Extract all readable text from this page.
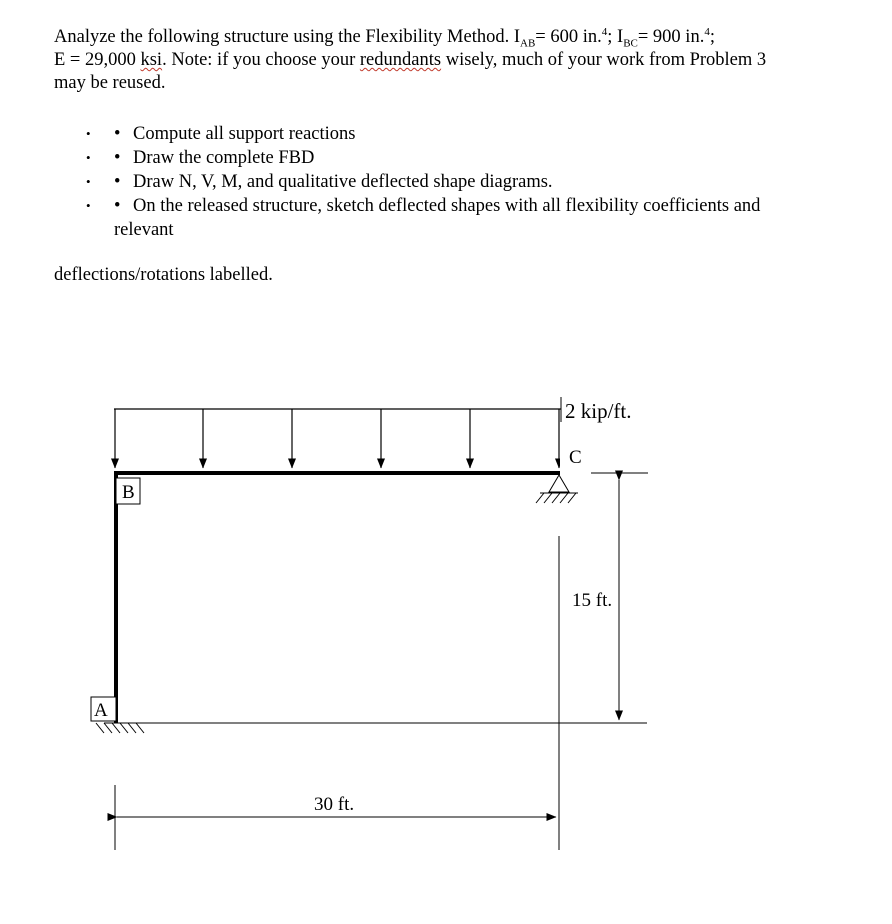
Analyze the following structure using the Flexibility Method. $I_{AB}= 600$ in.$^4$; $I_{BC}= 900$ in.$^4$;
E = 29,000 ksi. Note: if you choose your redundants wisely, much of your work from Problem 3
may be reused.

• • Compute all support reactions
• • Draw the complete FBD
• • Draw N, V, M, and qualitative deflected shape diagrams.
• • On the released structure, sketch deflected shapes with all flexibility coefficients and
relevant
deflections/rotations labelled.
B
A
2 kip/ft.
C
15 ft.
30 ft.
